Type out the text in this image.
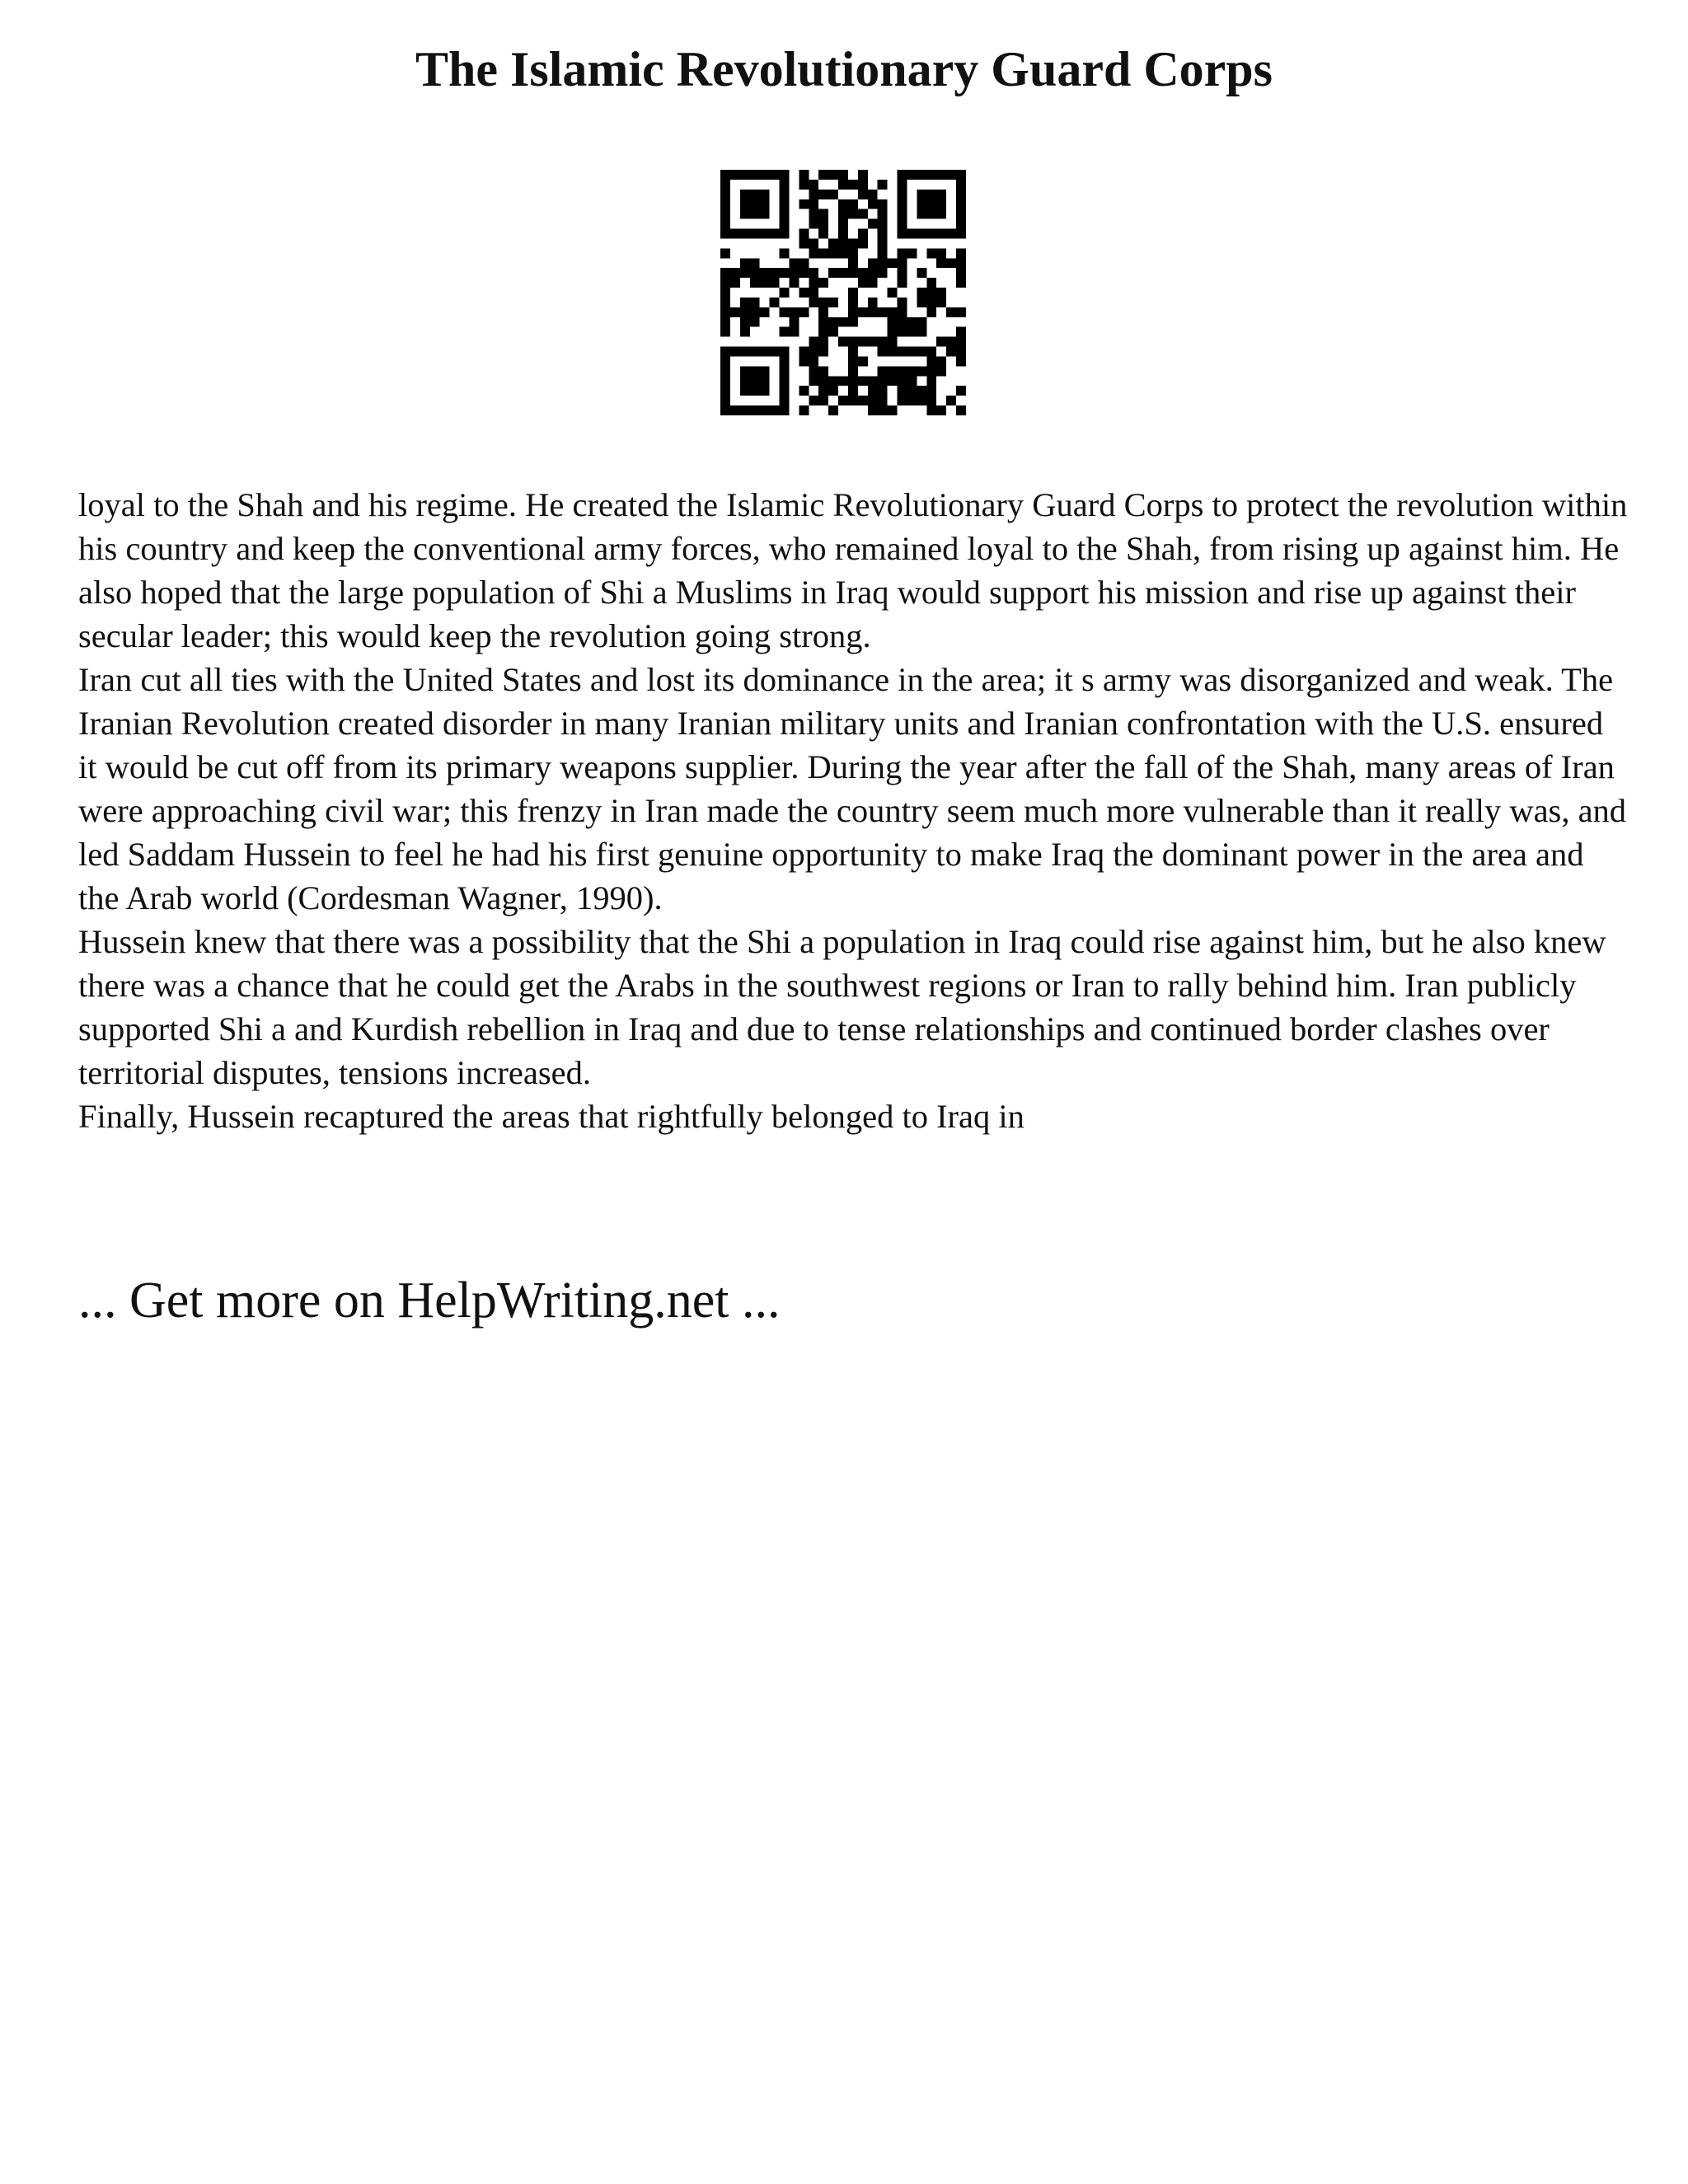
The Islamic Revolutionary Guard Corps

loyal to the Shah and his regime. He created the Islamic Revolutionary Guard Corps to protect the revolution within his country and keep the conventional army forces, who remained loyal to the Shah, from rising up against him. He also hoped that the large population of Shi a Muslims in Iraq would support his mission and rise up against their secular leader; this would keep the revolution going strong.

Iran cut all ties with the United States and lost its dominance in the area; it s army was disorganized and weak. The Iranian Revolution created disorder in many Iranian military units and Iranian confrontation with the U.S. ensured it would be cut off from its primary weapons supplier. During the year after the fall of the Shah, many areas of Iran were approaching civil war; this frenzy in Iran made the country seem much more vulnerable than it really was, and led Saddam Hussein to feel he had his first genuine opportunity to make Iraq the dominant power in the area and the Arab world (Cordesman Wagner, 1990).

Hussein knew that there was a possibility that the Shi a population in Iraq could rise against him, but he also knew there was a chance that he could get the Arabs in the southwest regions or Iran to rally behind him. Iran publicly supported Shi a and Kurdish rebellion in Iraq and due to tense relationships and continued border clashes over territorial disputes, tensions increased.

Finally, Hussein recaptured the areas that rightfully belonged to Iraq in

... Get more on HelpWriting.net ...
